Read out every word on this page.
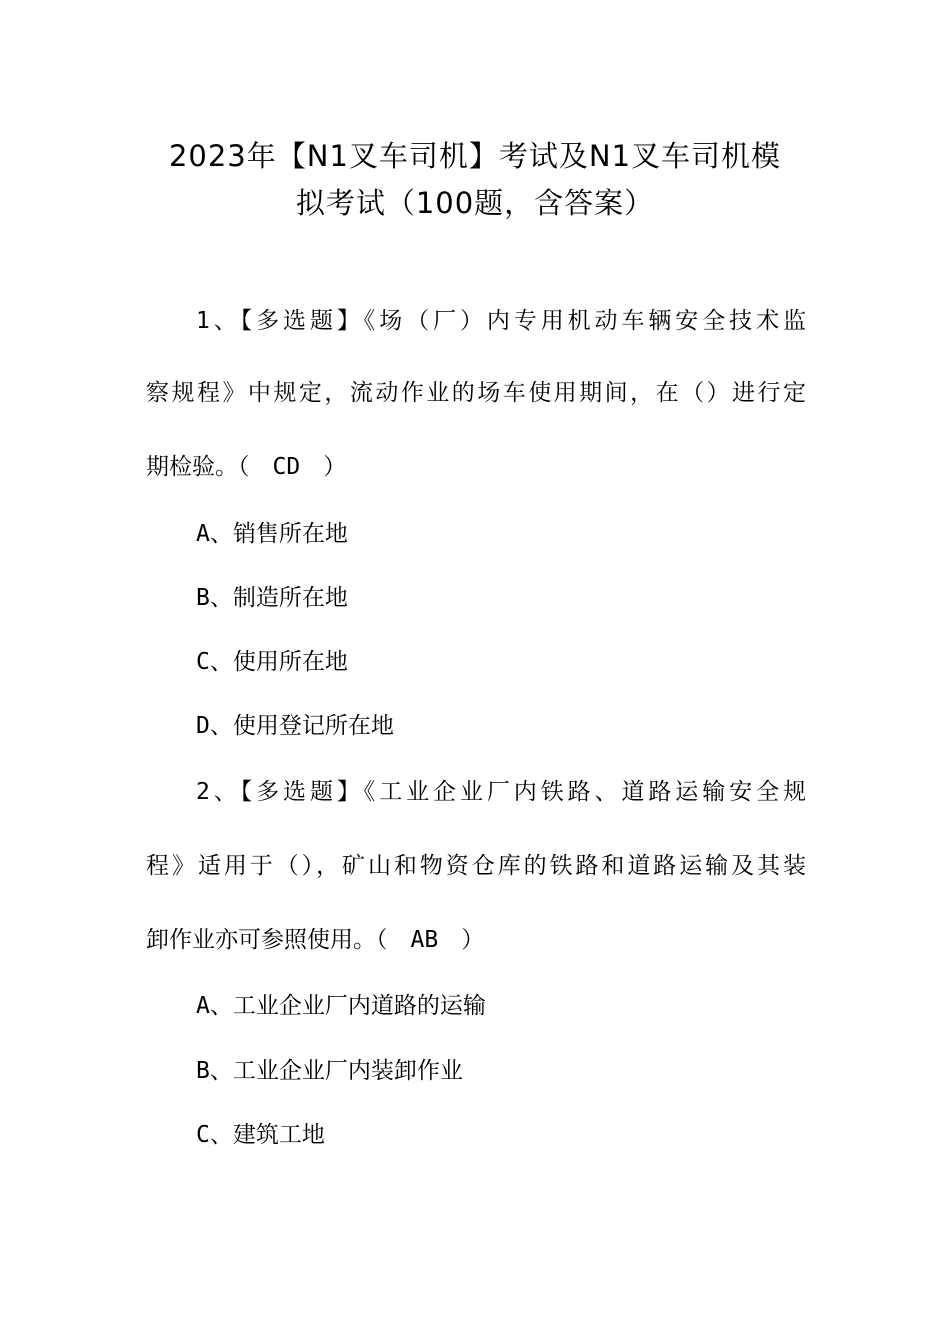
2023年【N1叉车司机】考试及N1叉车司机模
拟考试（100题，含答案）
1、【多选题】《场（厂）内专用机动车辆安全技术监
察规程》中规定，流动作业的场车使用期间，在（）进行定
期检验。（　CD　）
A、销售所在地
B、制造所在地
C、使用所在地
D、使用登记所在地
2、【多选题】《工业企业厂内铁路、道路运输安全规
程》适用于（），矿山和物资仓库的铁路和道路运输及其装
卸作业亦可参照使用。（　AB　）
A、工业企业厂内道路的运输
B、工业企业厂内装卸作业
C、建筑工地
